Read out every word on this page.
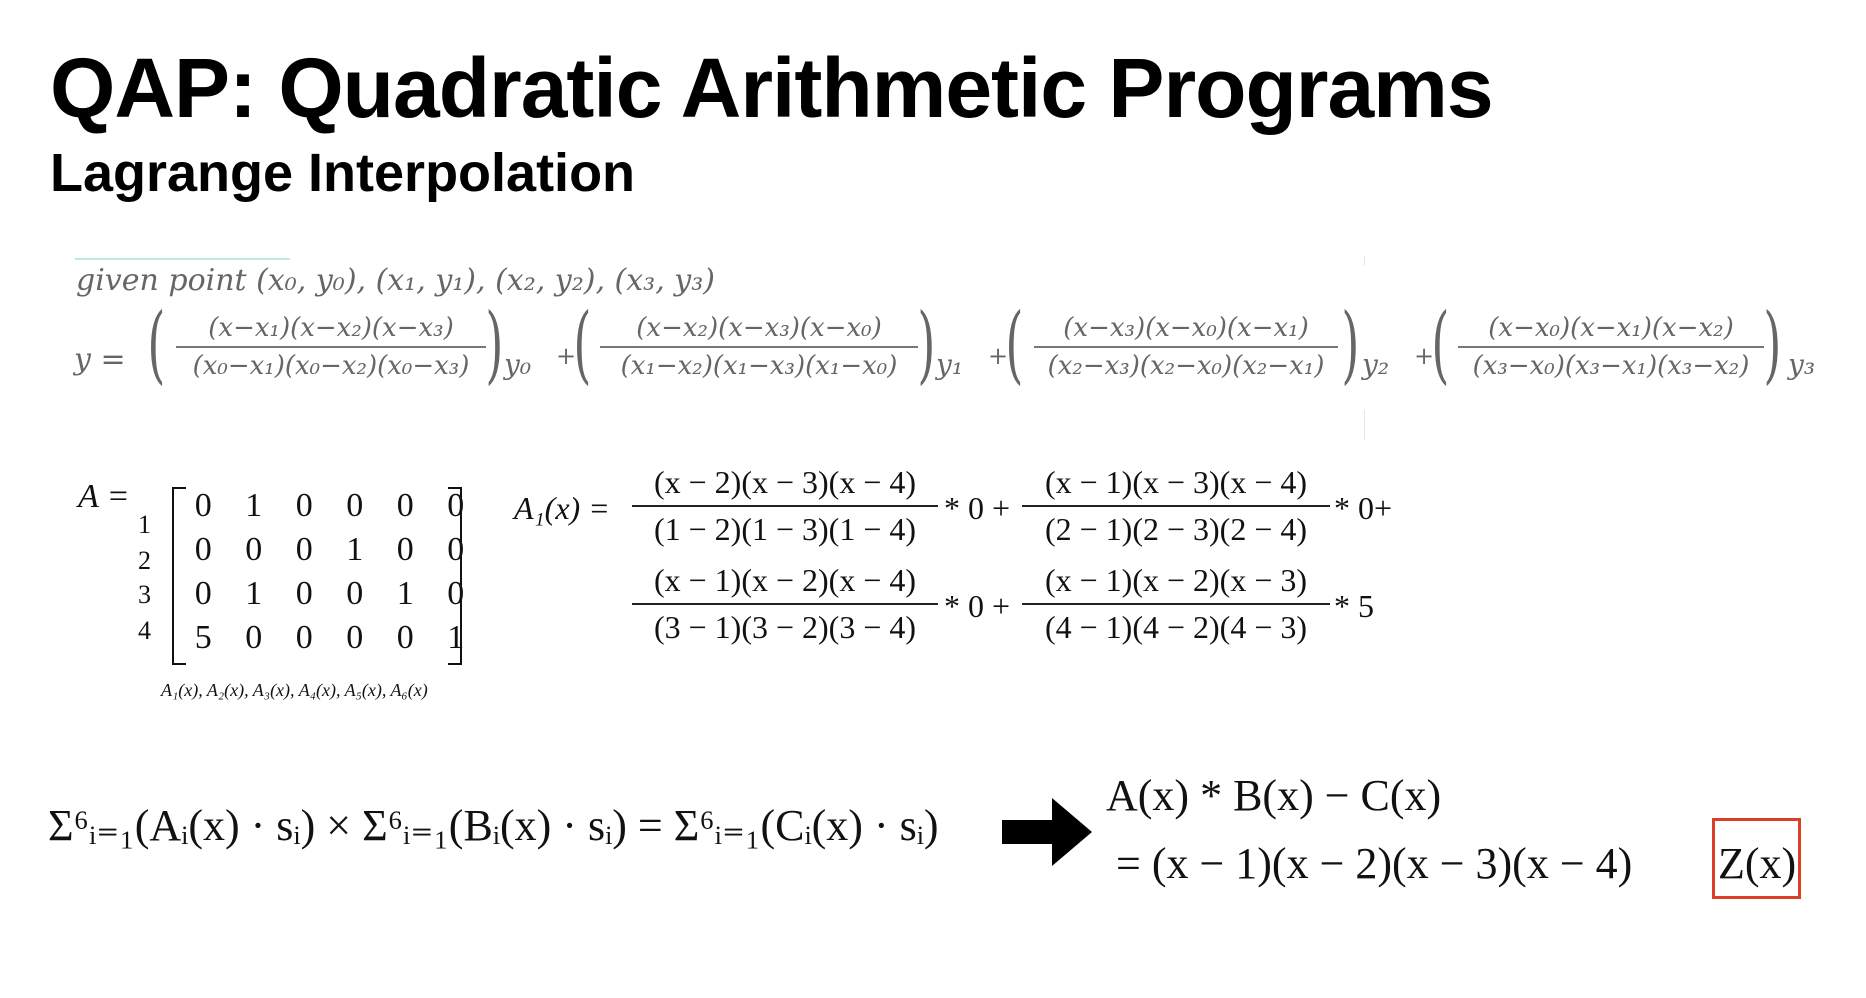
QAP: Quadratic Arithmetic Programs
Lagrange Interpolation
given point (x₀, y₀), (x₁, y₁), (x₂, y₂), (x₃, y₃)
y = (	(x−x₁)(x−x₂)(x−x₃)
(x₀−x₁)(x₀−x₂)(x₀−x₃) ) y₀ +
(	(x−x₂)(x−x₃)(x−x₀)
(x₁−x₂)(x₁−x₃)(x₁−x₀) ) y₁ +
(	(x−x₃)(x−x₀)(x−x₁)
(x₂−x₃)(x₂−x₀)(x₂−x₁) ) y₂ +
(	(x−x₀)(x−x₁)(x−x₂)
(x₃−x₀)(x₃−x₁)(x₃−x₂) ) y₃
A =
1
2
3
4
0 1 0 0 0 0
0 0 0 1 0 0
0 1 0 0 1 0
5 0 0 0 0 1
A₁(x), A₂(x), A₃(x), A₄(x), A₅(x), A₆(x)
A₁(x) =
(x − 2)(x − 3)(x − 4)
(1 − 2)(1 − 3)(1 − 4)
* 0 +
(x − 1)(x − 3)(x − 4)
(2 − 1)(2 − 3)(2 − 4)
* 0+
(x − 1)(x − 2)(x − 4)
(3 − 1)(3 − 2)(3 − 4)
* 0 +
(x − 1)(x − 2)(x − 3)
(4 − 1)(4 − 2)(4 − 3)
* 5
Σ⁶ᵢ₌₁(Aᵢ(x) · sᵢ) × Σ⁶ᵢ₌₁(Bᵢ(x) · sᵢ) = Σ⁶ᵢ₌₁(Cᵢ(x) · sᵢ)
A(x) * B(x) − C(x)
= (x − 1)(x − 2)(x − 3)(x − 4) Z(x)
